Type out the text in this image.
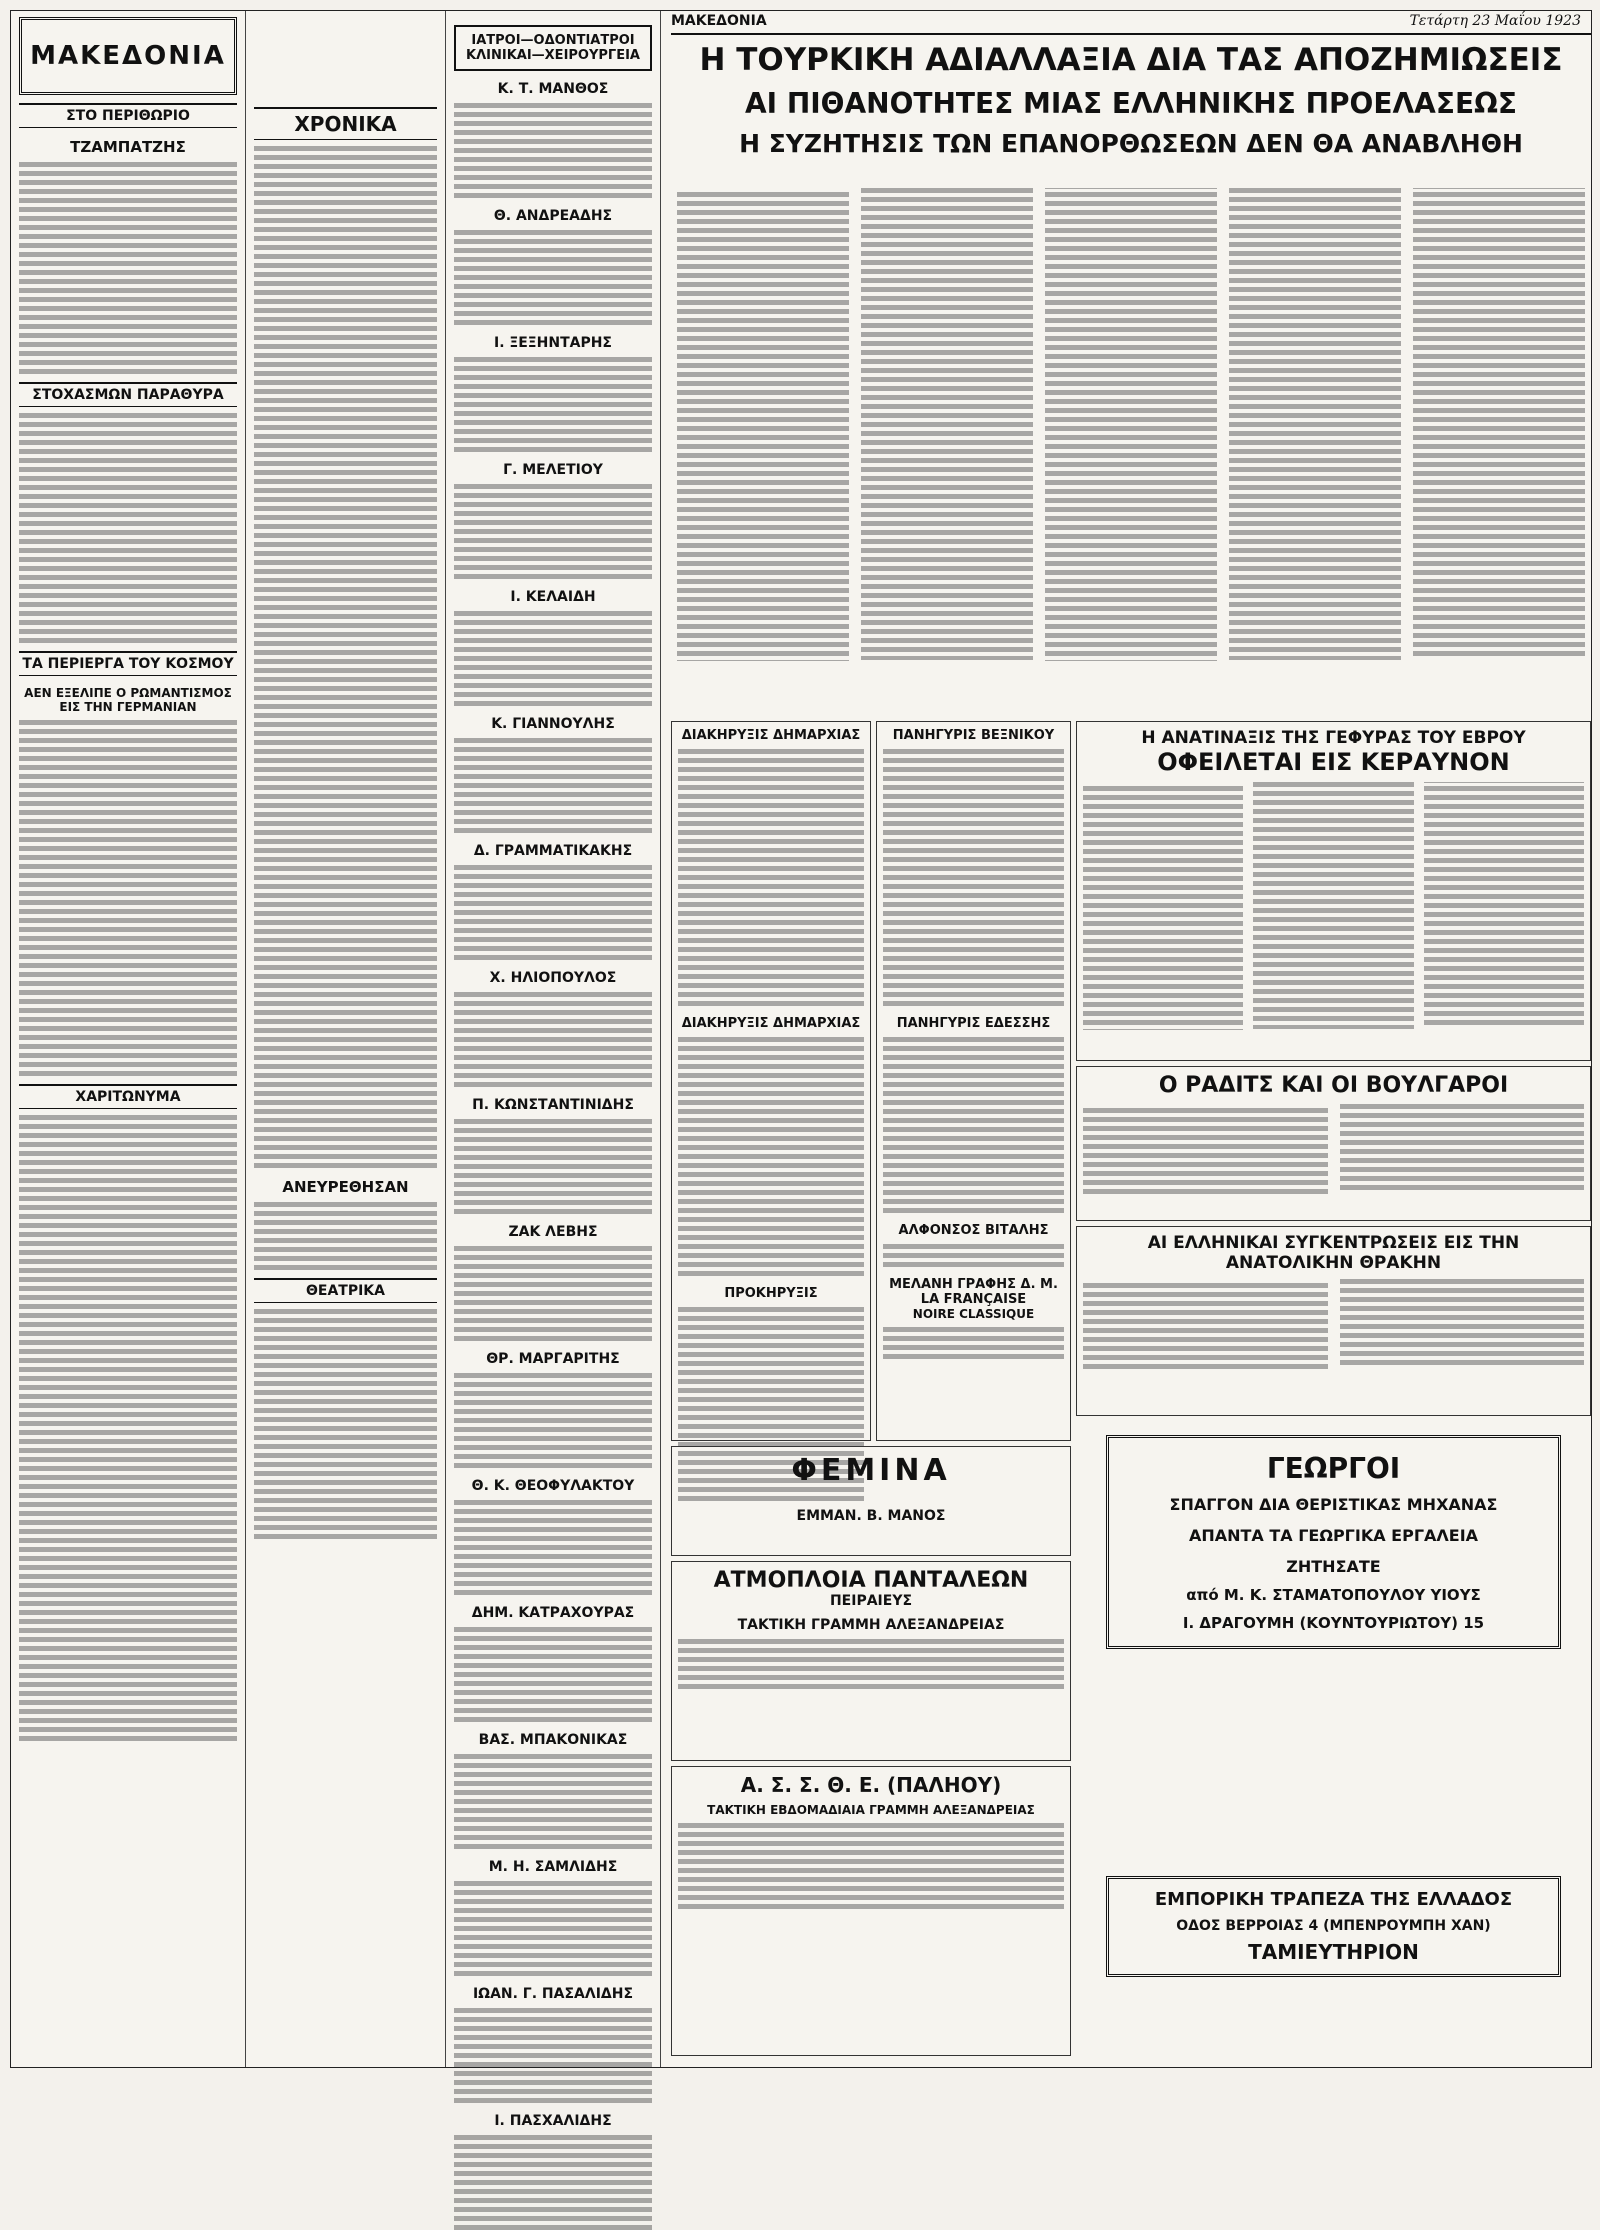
ΜΑΚΕΔΟΝΙΑ
ΣΤΟ ΠΕΡΙΘΩΡΙΟ
ΤΖΑΜΠΑΤΖΗΣ
ΣΤΟΧΑΣΜΩΝ ΠΑΡΑΘΥΡΑ
ΤΑ ΠΕΡΙΕΡΓΑ ΤΟΥ ΚΟΣΜΟΥ
ΑΕΝ ΕΞΕΛΙΠΕ Ο ΡΩΜΑΝΤΙΣΜΟΣ ΕΙΣ ΤΗΝ ΓΕΡΜΑΝΙΑΝ
ΧΑΡΙΤΩΝΥΜΑ
ΧΡΟΝΙΚΑ
ΑΝΕΥΡΕΘΗΣΑΝ
ΘΕΑΤΡΙΚΑ
ΙΑΤΡΟΙ—ΟΔΟΝΤΙΑΤΡΟΙ ΚΛΙΝΙΚΑΙ—ΧΕΙΡΟΥΡΓΕΙΑ
Κ. Τ. ΜΑΝΘΟΣ
Θ. ΑΝΔΡΕΑΔΗΣ
Ι. ΞΕΞΗΝΤΑΡΗΣ
Γ. ΜΕΛΕΤΙΟΥ
Ι. ΚΕΛΑΙΔΗ
Κ. ΓΙΑΝΝΟΥΛΗΣ
Δ. ΓΡΑΜΜΑΤΙΚΑΚΗΣ
Χ. ΗΛΙΟΠΟΥΛΟΣ
Π. ΚΩΝΣΤΑΝΤΙΝΙΔΗΣ
ΖΑΚ ΛΕΒΗΣ
ΘΡ. ΜΑΡΓΑΡΙΤΗΣ
Θ. Κ. ΘΕΟΦΥΛΑΚΤΟΥ
ΔΗΜ. ΚΑΤΡΑΧΟΥΡΑΣ
ΒΑΣ. ΜΠΑΚΟΝΙΚΑΣ
Μ. Η. ΣΑΜΛΙΔΗΣ
ΙΩΑΝ. Γ. ΠΑΣΑΛΙΔΗΣ
Ι. ΠΑΣΧΑΛΙΔΗΣ
ΜΑΚΕΔΟΝΙΑ	Τετάρτη 23 Μαΐου 1923
Η ΤΟΥΡΚΙΚΗ ΑΔΙΑΛΛΑΞΙΑ ΔΙΑ ΤΑΣ ΑΠΟΖΗΜΙΩΣΕΙΣ
ΑΙ ΠΙΘΑΝΟΤΗΤΕΣ ΜΙΑΣ ΕΛΛΗΝΙΚΗΣ ΠΡΟΕΛΑΣΕΩΣ
Η ΣΥΖΗΤΗΣΙΣ ΤΩΝ ΕΠΑΝΟΡΘΩΣΕΩΝ ΔΕΝ ΘΑ ΑΝΑΒΛΗΘΗ
ΔΙΑΚΗΡΥΞΙΣ ΔΗΜΑΡΧΙΑΣ
ΔΙΑΚΗΡΥΞΙΣ ΔΗΜΑΡΧΙΑΣ
ΠΡΟΚΗΡΥΞΙΣ
ΠΑΝΗΓΥΡΙΣ ΒΕΞΝΙΚΟΥ
ΠΑΝΗΓΥΡΙΣ ΕΔΕΣΣΗΣ
ΑΛΦΟΝΣΟΣ ΒΙΤΑΛΗΣ
ΜΕΛΑΝΗ ΓΡΑΦΗΣ Δ. Μ. LA FRANÇAISE
NOIRE CLASSIQUE
Η ΑΝΑΤΙΝΑΞΙΣ ΤΗΣ ΓΕΦΥΡΑΣ ΤΟΥ ΕΒΡΟΥ
ΟΦΕΙΛΕΤΑΙ ΕΙΣ ΚΕΡΑΥΝΟΝ
Ο ΡΑΔΙΤΣ ΚΑΙ ΟΙ ΒΟΥΛΓΑΡΟΙ
ΑΙ ΕΛΛΗΝΙΚΑΙ ΣΥΓΚΕΝΤΡΩΣΕΙΣ ΕΙΣ ΤΗΝ ΑΝΑΤΟΛΙΚΗΝ ΘΡΑΚΗΝ
ΦΕΜΙΝΑ
ΕΜΜΑΝ. Β. ΜΑΝΟΣ
ΑΤΜΟΠΛΟΙΑ ΠΑΝΤΑΛΕΩΝ
ΠΕΙΡΑΙΕΥΣ
ΤΑΚΤΙΚΗ ΓΡΑΜΜΗ ΑΛΕΞΑΝΔΡΕΙΑΣ
Α. Σ. Σ. Θ. Ε. (ΠΑΛΗΟΥ)
ΤΑΚΤΙΚΗ ΕΒΔΟΜΑΔΙΑΙΑ ΓΡΑΜΜΗ ΑΛΕΞΑΝΔΡΕΙΑΣ
ΓΕΩΡΓΟΙ
ΣΠΑΓΓΟΝ ΔΙΑ ΘΕΡΙΣΤΙΚΑΣ ΜΗΧΑΝΑΣ
ΑΠΑΝΤΑ ΤΑ ΓΕΩΡΓΙΚΑ ΕΡΓΑΛΕΙΑ
ΖΗΤΗΣΑΤΕ
από Μ. Κ. ΣΤΑΜΑΤΟΠΟΥΛΟΥ ΥΙΟΥΣ
Ι. ΔΡΑΓΟΥΜΗ (ΚΟΥΝΤΟΥΡΙΩΤΟΥ) 15
ΕΜΠΟΡΙΚΗ ΤΡΑΠΕΖΑ ΤΗΣ ΕΛΛΑΔΟΣ
ΟΔΟΣ ΒΕΡΡΟΙΑΣ 4 (ΜΠΕΝΡΟΥΜΠΗ ΧΑΝ)
ΤΑΜΙΕΥΤΗΡΙΟΝ
